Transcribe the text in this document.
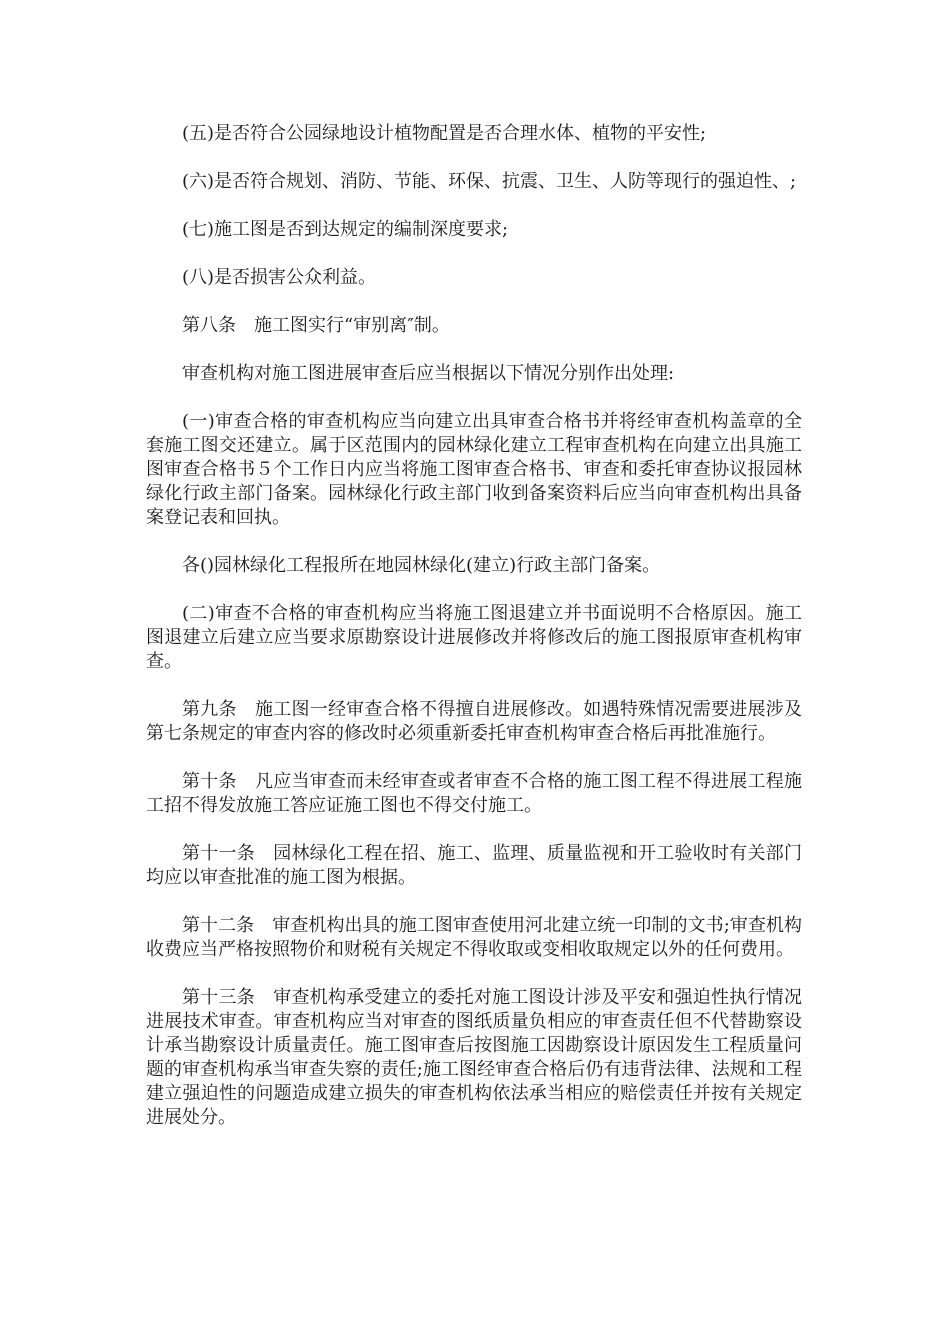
(五)是否符合公园绿地设计植物配置是否合理水体、植物的平安性;

(六)是否符合规划、消防、节能、环保、抗震、卫生、人防等现行的强迫性、;

(七)施工图是否到达规定的编制深度要求;

(八)是否损害公众利益。

第八条　施工图实行“审别离″制。

审查机构对施工图进展审查后应当根据以下情况分别作出处理:

(一)审查合格的审查机构应当向建立出具审查合格书并将经审查机构盖章的全套施工图交还建立。属于区范围内的园林绿化建立工程审查机构在向建立出具施工图审查合格书５个工作日内应当将施工图审查合格书、审查和委托审查协议报园林绿化行政主部门备案。园林绿化行政主部门收到备案资料后应当向审查机构出具备案登记表和回执。

各()园林绿化工程报所在地园林绿化(建立)行政主部门备案。

(二)审查不合格的审查机构应当将施工图退建立并书面说明不合格原因。施工图退建立后建立应当要求原勘察设计进展修改并将修改后的施工图报原审查机构审查。

第九条　施工图一经审查合格不得擅自进展修改。如遇特殊情况需要进展涉及第七条规定的审查内容的修改时必须重新委托审查机构审查合格后再批准施行。

第十条　凡应当审查而未经审查或者审查不合格的施工图工程不得进展工程施工招不得发放施工答应证施工图也不得交付施工。

第十一条　园林绿化工程在招、施工、监理、质量监视和开工验收时有关部门均应以审查批准的施工图为根据。

第十二条　审查机构出具的施工图审查使用河北建立统一印制的文书;审查机构收费应当严格按照物价和财税有关规定不得收取或变相收取规定以外的任何费用。

第十三条　审查机构承受建立的委托对施工图设计涉及平安和强迫性执行情况进展技术审查。审查机构应当对审查的图纸质量负相应的审查责任但不代替勘察设计承当勘察设计质量责任。施工图审查后按图施工因勘察设计原因发生工程质量问题的审查机构承当审查失察的责任;施工图经审查合格后仍有违背法律、法规和工程建立强迫性的问题造成建立损失的审查机构依法承当相应的赔偿责任并按有关规定进展处分。
